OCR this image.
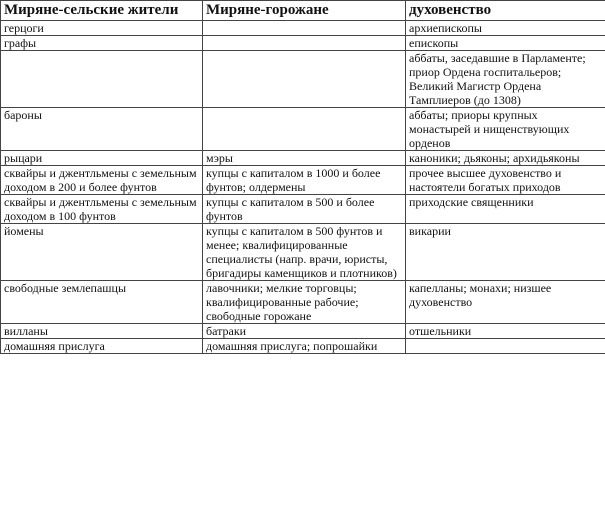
Миряне-сельские жители	Миряне-горожане	духовенство
герцоги		архиепископы
графы		епископы
		аббаты, заседавшие в Парламенте; приор Ордена госпитальеров; Великий Магистр Ордена Тамплиеров (до 1308)
бароны		аббаты; приоры крупных монастырей и нищенствующих орденов
рыцари	мэры	каноники; дьяконы; архидьяконы
сквайры и джентльмены с земельным доходом в 200 и более фунтов	купцы с капиталом в 1000 и более фунтов; олдермены	прочее высшее духовенство и настоятели богатых приходов
сквайры и джентльмены с земельным доходом в 100 фунтов	купцы с капиталом в 500 и более фунтов	приходские священники
йомены	купцы с капиталом в 500 фунтов и менее; квалифицированные специалисты (напр. врачи, юристы, бригадиры каменщиков и плотников)	викарии
свободные землепашцы	лавочники; мелкие торговцы; квалифицированные рабочие; свободные горожане	капелланы; монахи; низшее духовенство
вилланы	батраки	отшельники
домашняя прислуга	домашняя прислуга; попрошайки	
